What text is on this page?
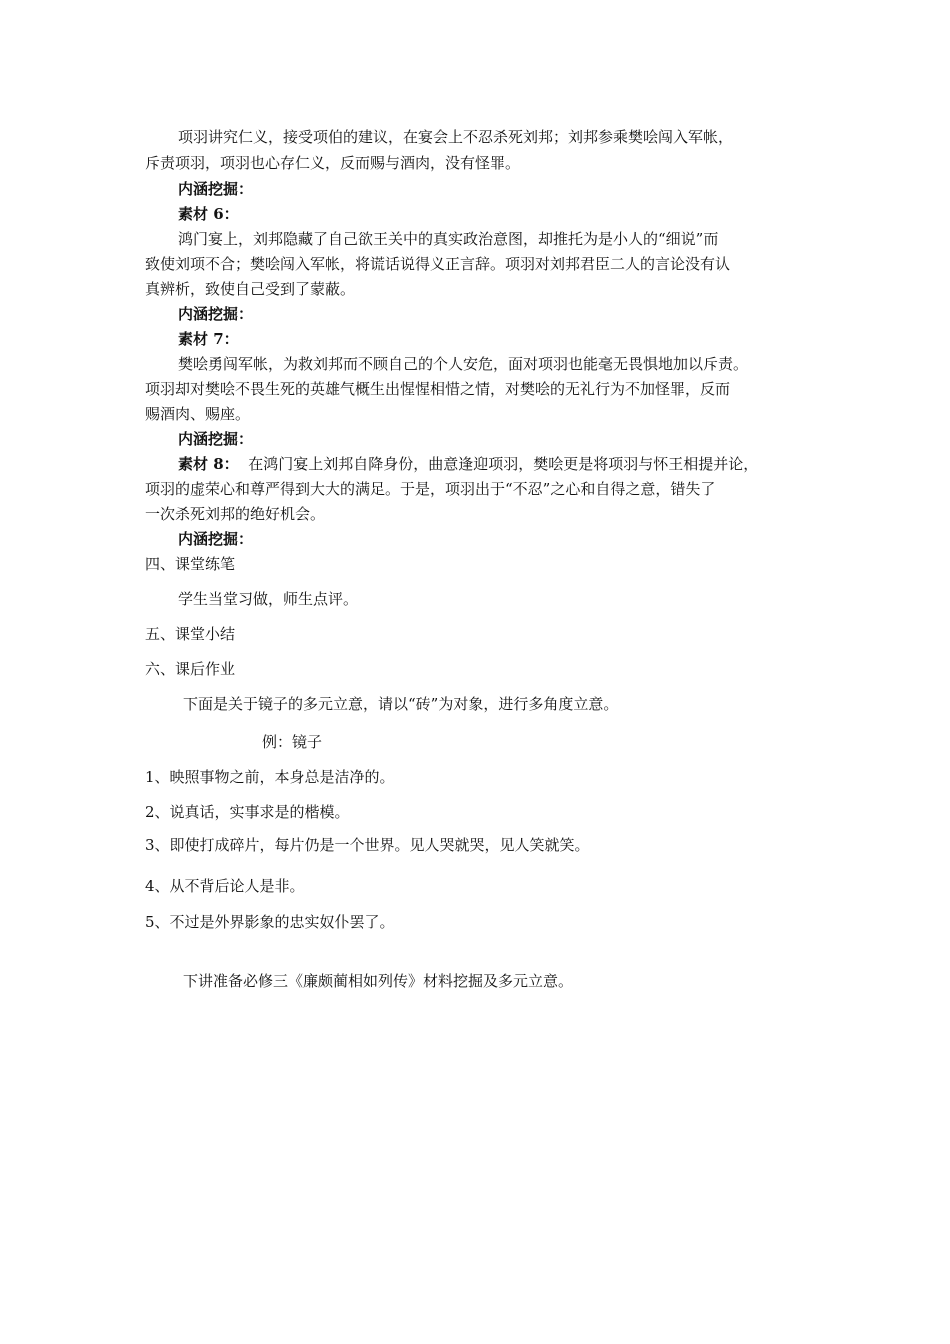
项羽讲究仁义，接受项伯的建议，在宴会上不忍杀死刘邦；刘邦参乘樊哙闯入军帐，
斥责项羽，项羽也心存仁义，反而赐与酒肉，没有怪罪。
内涵挖掘：
素材 6：
鸿门宴上，刘邦隐藏了自己欲王关中的真实政治意图，却推托为是小人的“细说”而
致使刘项不合；樊哙闯入军帐，将谎话说得义正言辞。项羽对刘邦君臣二人的言论没有认
真辨析，致使自己受到了蒙蔽。
内涵挖掘：
素材 7：
樊哙勇闯军帐，为救刘邦而不顾自己的个人安危，面对项羽也能毫无畏惧地加以斥责。
项羽却对樊哙不畏生死的英雄气概生出惺惺相惜之情，对樊哙的无礼行为不加怪罪，反而
赐酒肉、赐座。
内涵挖掘：
素材 8： 在鸿门宴上刘邦自降身份，曲意逢迎项羽，樊哙更是将项羽与怀王相提并论，
项羽的虚荣心和尊严得到大大的满足。于是，项羽出于“不忍”之心和自得之意，错失了
一次杀死刘邦的绝好机会。
内涵挖掘：
四、课堂练笔
学生当堂习做，师生点评。
五、课堂小结
六、课后作业
下面是关于镜子的多元立意，请以“砖”为对象，进行多角度立意。
例：镜子
1、映照事物之前，本身总是洁净的。
2、说真话，实事求是的楷模。
3、即使打成碎片，每片仍是一个世界。见人哭就哭，见人笑就笑。
4、从不背后论人是非。
5、不过是外界影象的忠实奴仆罢了。
下讲准备必修三《廉颇蔺相如列传》材料挖掘及多元立意。
